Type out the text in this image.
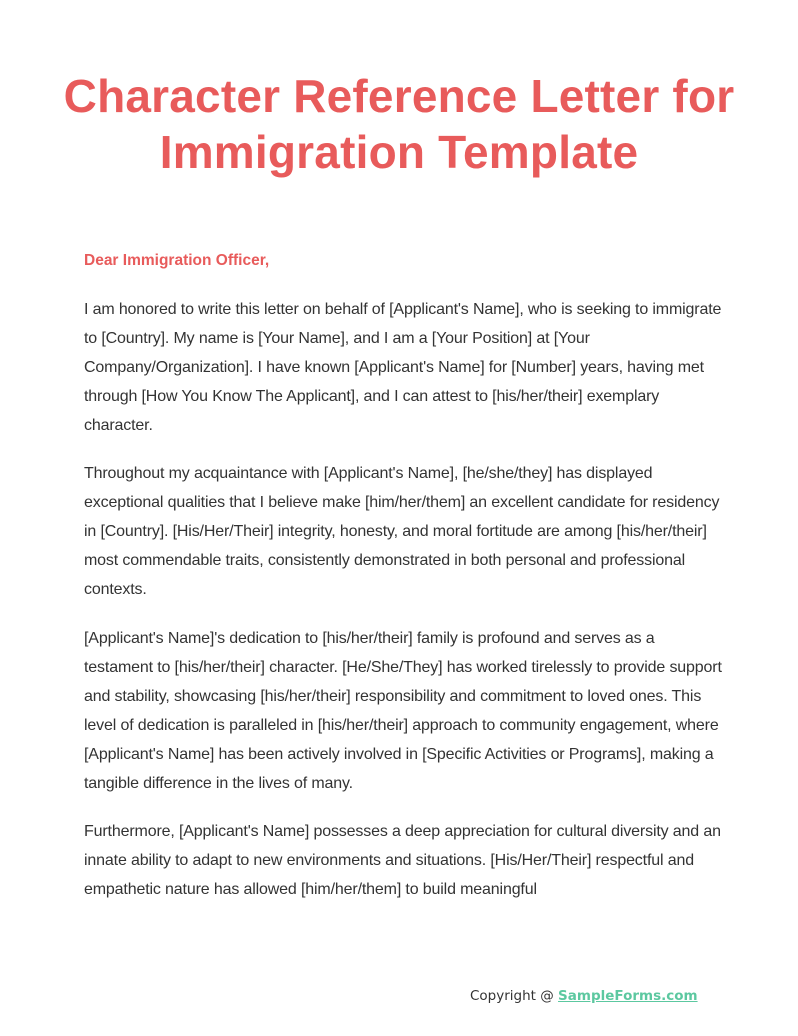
Character Reference Letter for Immigration Template

Dear Immigration Officer,

I am honored to write this letter on behalf of [Applicant's Name], who is seeking to immigrate to [Country]. My name is [Your Name], and I am a [Your Position] at [Your Company/Organization]. I have known [Applicant's Name] for [Number] years, having met through [How You Know The Applicant], and I can attest to [his/her/their] exemplary character.

Throughout my acquaintance with [Applicant's Name], [he/she/they] has displayed exceptional qualities that I believe make [him/her/them] an excellent candidate for residency in [Country]. [His/Her/Their] integrity, honesty, and moral fortitude are among [his/her/their] most commendable traits, consistently demonstrated in both personal and professional contexts.

[Applicant's Name]'s dedication to [his/her/their] family is profound and serves as a testament to [his/her/their] character. [He/She/They] has worked tirelessly to provide support and stability, showcasing [his/her/their] responsibility and commitment to loved ones. This level of dedication is paralleled in [his/her/their] approach to community engagement, where [Applicant's Name] has been actively involved in [Specific Activities or Programs], making a tangible difference in the lives of many.

Furthermore, [Applicant's Name] possesses a deep appreciation for cultural diversity and an innate ability to adapt to new environments and situations. [His/Her/Their] respectful and empathetic nature has allowed [him/her/them] to build meaningful

Copyright @ SampleForms.com
